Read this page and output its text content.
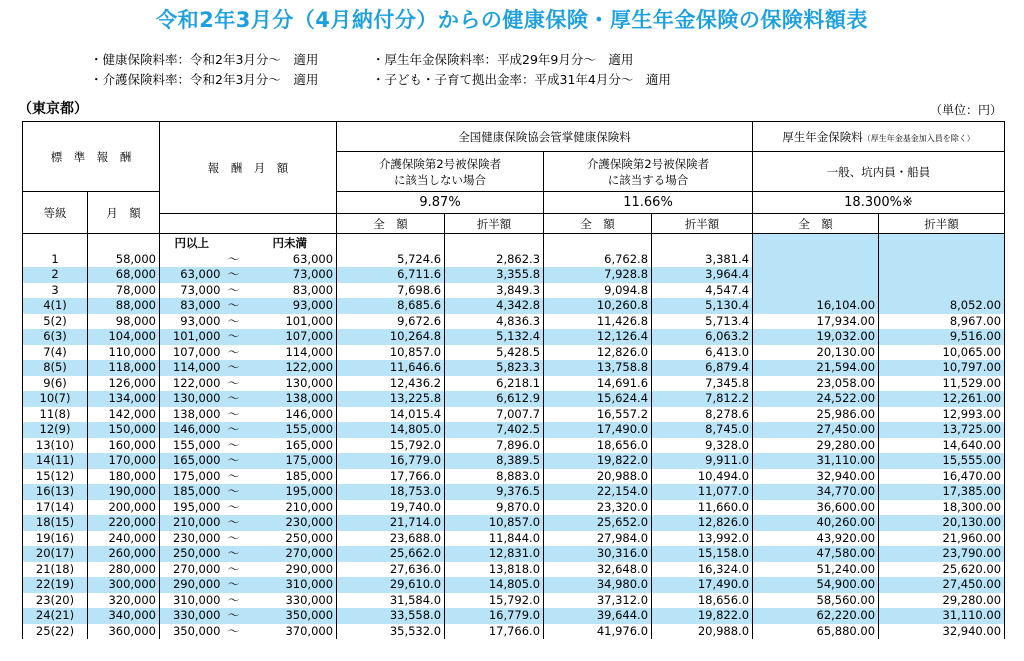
令和2年3月分（4月納付分）からの健康保険・厚生年金保険の保険料額表
・健康保険料率：令和2年3月分～　適用	・厚生年金保険料率：平成29年9月分～　適用
・介護保険料率：令和2年3月分～　適用	・子ども・子育て拠出金率：平成31年4月分～　適用
（東京都）	（単位：円）
標　準　報　酬		報　酬　月　額			全国健康保険協会管掌健康保険料				厚生年金保険料（厚生年金基金加入員を除く）	
					介護保険第2号被保険者
に該当しない場合		介護保険第2号被保険者
に該当する場合		一般、坑内員・船員	
等級	月　額				9.87%		11.66%		18.300%※	
					全　額	折半額	全　額	折半額	全　額	折半額
		円以上		円未満						
1	58,000		～	63,000	5,724.6	2,862.3	6,762.8	3,381.4		
2	68,000	63,000	～	73,000	6,711.6	3,355.8	7,928.8	3,964.4		
3	78,000	73,000	～	83,000	7,698.6	3,849.3	9,094.8	4,547.4		
4(1)	88,000	83,000	～	93,000	8,685.6	4,342.8	10,260.8	5,130.4	16,104.00	8,052.00
5(2)	98,000	93,000	～	101,000	9,672.6	4,836.3	11,426.8	5,713.4	17,934.00	8,967.00
6(3)	104,000	101,000	～	107,000	10,264.8	5,132.4	12,126.4	6,063.2	19,032.00	9,516.00
7(4)	110,000	107,000	～	114,000	10,857.0	5,428.5	12,826.0	6,413.0	20,130.00	10,065.00
8(5)	118,000	114,000	～	122,000	11,646.6	5,823.3	13,758.8	6,879.4	21,594.00	10,797.00
9(6)	126,000	122,000	～	130,000	12,436.2	6,218.1	14,691.6	7,345.8	23,058.00	11,529.00
10(7)	134,000	130,000	～	138,000	13,225.8	6,612.9	15,624.4	7,812.2	24,522.00	12,261.00
11(8)	142,000	138,000	～	146,000	14,015.4	7,007.7	16,557.2	8,278.6	25,986.00	12,993.00
12(9)	150,000	146,000	～	155,000	14,805.0	7,402.5	17,490.0	8,745.0	27,450.00	13,725.00
13(10)	160,000	155,000	～	165,000	15,792.0	7,896.0	18,656.0	9,328.0	29,280.00	14,640.00
14(11)	170,000	165,000	～	175,000	16,779.0	8,389.5	19,822.0	9,911.0	31,110.00	15,555.00
15(12)	180,000	175,000	～	185,000	17,766.0	8,883.0	20,988.0	10,494.0	32,940.00	16,470.00
16(13)	190,000	185,000	～	195,000	18,753.0	9,376.5	22,154.0	11,077.0	34,770.00	17,385.00
17(14)	200,000	195,000	～	210,000	19,740.0	9,870.0	23,320.0	11,660.0	36,600.00	18,300.00
18(15)	220,000	210,000	～	230,000	21,714.0	10,857.0	25,652.0	12,826.0	40,260.00	20,130.00
19(16)	240,000	230,000	～	250,000	23,688.0	11,844.0	27,984.0	13,992.0	43,920.00	21,960.00
20(17)	260,000	250,000	～	270,000	25,662.0	12,831.0	30,316.0	15,158.0	47,580.00	23,790.00
21(18)	280,000	270,000	～	290,000	27,636.0	13,818.0	32,648.0	16,324.0	51,240.00	25,620.00
22(19)	300,000	290,000	～	310,000	29,610.0	14,805.0	34,980.0	17,490.0	54,900.00	27,450.00
23(20)	320,000	310,000	～	330,000	31,584.0	15,792.0	37,312.0	18,656.0	58,560.00	29,280.00
24(21)	340,000	330,000	～	350,000	33,558.0	16,779.0	39,644.0	19,822.0	62,220.00	31,110.00
25(22)	360,000	350,000	～	370,000	35,532.0	17,766.0	41,976.0	20,988.0	65,880.00	32,940.00
